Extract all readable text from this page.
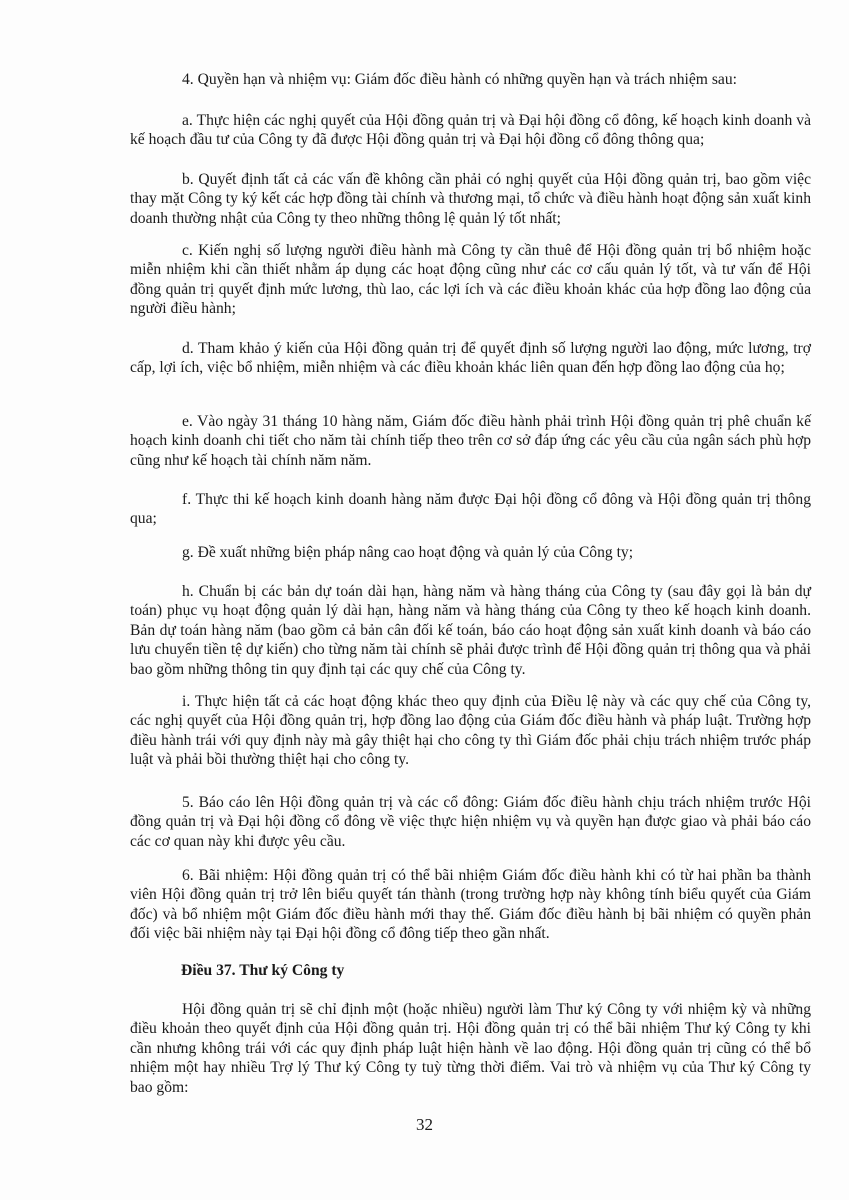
4. Quyền hạn và nhiệm vụ: Giám đốc điều hành có những quyền hạn và trách nhiệm sau:

a. Thực hiện các nghị quyết của Hội đồng quản trị và Đại hội đồng cổ đông, kế hoạch kinh doanh và kế hoạch đầu tư của Công ty đã được Hội đồng quản trị và Đại hội đồng cổ đông thông qua;

b. Quyết định tất cả các vấn đề không cần phải có nghị quyết của Hội đồng quản trị, bao gồm việc thay mặt Công ty ký kết các hợp đồng tài chính và thương mại, tổ chức và điều hành hoạt động sản xuất kinh doanh thường nhật của Công ty theo những thông lệ quản lý tốt nhất;

c. Kiến nghị số lượng người điều hành mà Công ty cần thuê để Hội đồng quản trị bổ nhiệm hoặc miễn nhiệm khi cần thiết nhằm áp dụng các hoạt động cũng như các cơ cấu quản lý tốt, và tư vấn để Hội đồng quản trị quyết định mức lương, thù lao, các lợi ích và các điều khoản khác của hợp đồng lao động của người điều hành;

d. Tham khảo ý kiến của Hội đồng quản trị để quyết định số lượng người lao động, mức lương, trợ cấp, lợi ích, việc bổ nhiệm, miễn nhiệm và các điều khoản khác liên quan đến hợp đồng lao động của họ;

e. Vào ngày 31 tháng 10 hàng năm, Giám đốc điều hành phải trình Hội đồng quản trị phê chuẩn kế hoạch kinh doanh chi tiết cho năm tài chính tiếp theo trên cơ sở đáp ứng các yêu cầu của ngân sách phù hợp cũng như kế hoạch tài chính năm năm.

f. Thực thi kế hoạch kinh doanh hàng năm được Đại hội đồng cổ đông và Hội đồng quản trị thông qua;

g. Đề xuất những biện pháp nâng cao hoạt động và quản lý của Công ty;

h. Chuẩn bị các bản dự toán dài hạn, hàng năm và hàng tháng của Công ty (sau đây gọi là bản dự toán) phục vụ hoạt động quản lý dài hạn, hàng năm và hàng tháng của Công ty theo kế hoạch kinh doanh. Bản dự toán hàng năm (bao gồm cả bản cân đối kế toán, báo cáo hoạt động sản xuất kinh doanh và báo cáo lưu chuyển tiền tệ dự kiến) cho từng năm tài chính sẽ phải được trình để Hội đồng quản trị thông qua và phải bao gồm những thông tin quy định tại các quy chế của Công ty.

i. Thực hiện tất cả các hoạt động khác theo quy định của Điều lệ này và các quy chế của Công ty, các nghị quyết của Hội đồng quản trị, hợp đồng lao động của Giám đốc điều hành và pháp luật. Trường hợp điều hành trái với quy định này mà gây thiệt hại cho công ty thì Giám đốc phải chịu trách nhiệm trước pháp luật và phải bồi thường thiệt hại cho công ty.

5. Báo cáo lên Hội đồng quản trị và các cổ đông: Giám đốc điều hành chịu trách nhiệm trước Hội đồng quản trị và Đại hội đồng cổ đông về việc thực hiện nhiệm vụ và quyền hạn được giao và phải báo cáo các cơ quan này khi được yêu cầu.

6. Bãi nhiệm: Hội đồng quản trị có thể bãi nhiệm Giám đốc điều hành khi có từ hai phần ba thành viên Hội đồng quản trị trở lên biểu quyết tán thành (trong trường hợp này không tính biểu quyết của Giám đốc) và bổ nhiệm một Giám đốc điều hành mới thay thế. Giám đốc điều hành bị bãi nhiệm có quyền phản đối việc bãi nhiệm này tại Đại hội đồng cổ đông tiếp theo gần nhất.

Điều 37. Thư ký Công ty

Hội đồng quản trị sẽ chỉ định một (hoặc nhiều) người làm Thư ký Công ty với nhiệm kỳ và những điều khoản theo quyết định của Hội đồng quản trị. Hội đồng quản trị có thể bãi nhiệm Thư ký Công ty khi cần nhưng không trái với các quy định pháp luật hiện hành về lao động. Hội đồng quản trị cũng có thể bổ nhiệm một hay nhiều Trợ lý Thư ký Công ty tuỳ từng thời điểm. Vai trò và nhiệm vụ của Thư ký Công ty bao gồm:

32
